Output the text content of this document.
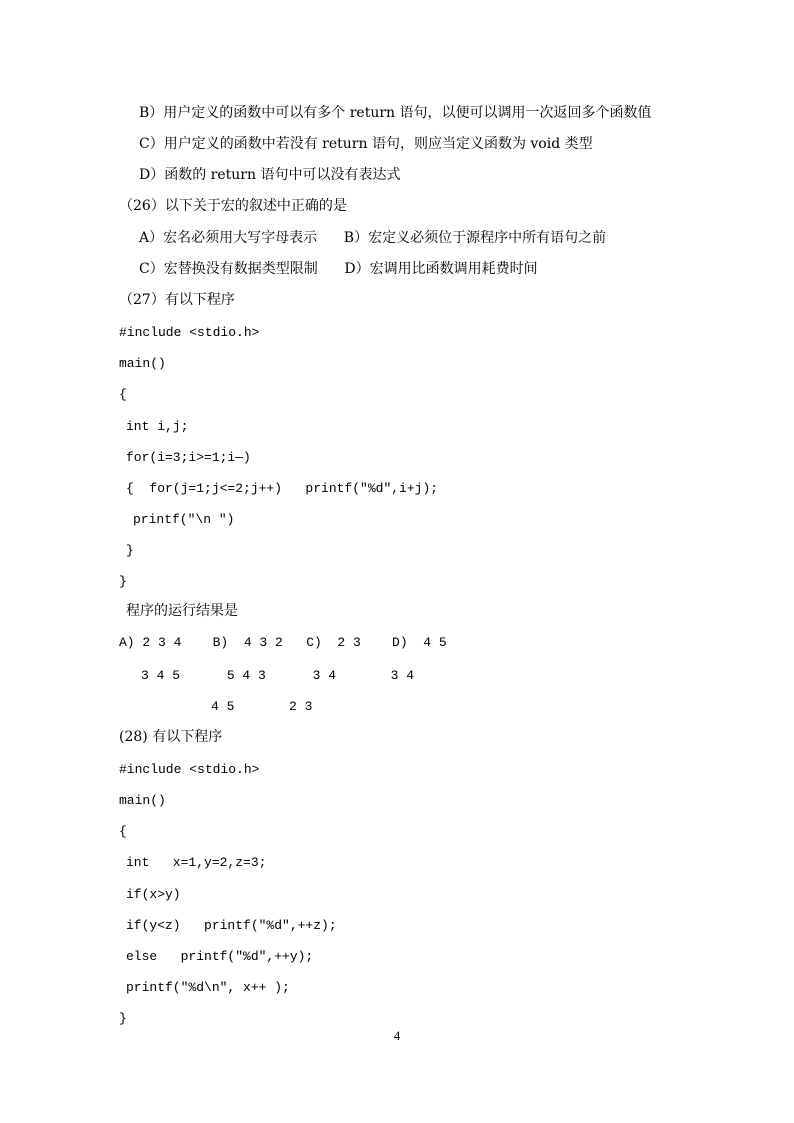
B）用户定义的函数中可以有多个 return 语句，以便可以调用一次返回多个函数值
C）用户定义的函数中若没有 return 语句，则应当定义函数为 void 类型
D）函数的 return 语句中可以没有表达式
（26）以下关于宏的叙述中正确的是
A）宏名必须用大写字母表示      B）宏定义必须位于源程序中所有语句之前
C）宏替换没有数据类型限制      D）宏调用比函数调用耗费时间
（27）有以下程序
#include <stdio.h>
main()
{
int i,j;
for(i=3;i>=1;i—)
{  for(j=1;j<=2;j++)   printf("%d",i+j);
printf("\n ")
}
}
程序的运行结果是
A) 2 3 4    B)  4 3 2   C)  2 3    D)  4 5
3 4 5      5 4 3      3 4       3 4
4 5       2 3
(28) 有以下程序
#include <stdio.h>
main()
{
int   x=1,y=2,z=3;
if(x>y)
if(y<z)   printf("%d",++z);
else   printf("%d",++y);
printf("%d\n", x++ );
}
4
